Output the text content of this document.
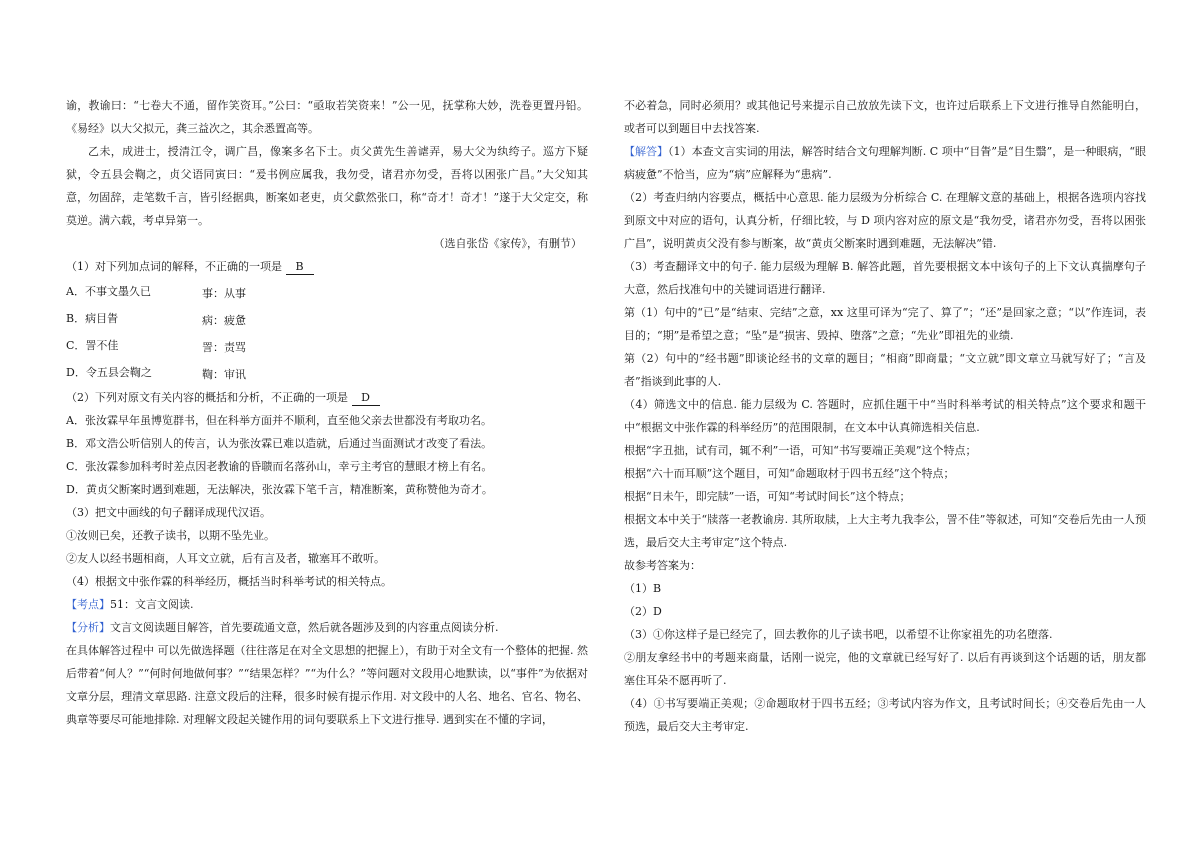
谕，教谕曰：“七卷大不通，留作笑资耳。”公曰：“亟取若笑资来！”公一见，抚掌称大妙，洗卷更置丹铅。《易经》以大父拟元，龚三益次之，其余悉置高等。

乙未，成进士，授清江令，调广昌，像案多名下士。贞父黄先生善谑弄，易大父为纨绔子。巡方下疑狱，令五县会鞫之，贞父语同寅曰：“爰书例应属我，我勿受，诸君亦勿受，吾将以困张广昌。”大父知其意，勿固辞，走笔数千言，皆引经据典，断案如老吏，贞父歔然张口，称“奇才！奇才！”遂于大父定交，称莫逆。满六载，考卓异第一。

（选自张岱《家传》，有删节）

（1）对下列加点词的解释，不正确的一项是 B

A．不事文墨久已	事：从事
B．病目眚	病：疲惫
C．詈不佳	詈：责骂
D．令五县会鞫之	鞫：审讯

（2）下列对原文有关内容的概括和分析，不正确的一项是 D

A．张汝霖早年虽博览群书，但在科举方面并不顺利，直至他父亲去世都没有考取功名。

B．邓文浩公听信别人的传言，认为张汝霖已难以造就，后通过当面测试才改变了看法。

C．张汝霖参加科考时差点因老教谕的昏聩而名落孙山，幸亏主考官的慧眼才榜上有名。

D．黄贞父断案时遇到难题，无法解决，张汝霖下笔千言，精准断案，黄称赞他为奇才。

（3）把文中画线的句子翻译成现代汉语。

①汝则已矣，还教子读书，以期不坠先业。

②友人以经书题相商，人耳文立就，后有言及者，辙塞耳不敢听。

（4）根据文中张作霖的科举经历，概括当时科举考试的相关特点。

【考点】51：文言文阅读.

【分析】文言文阅读题目解答，首先要疏通文意，然后就各题涉及到的内容重点阅读分析.

在具体解答过程中 可以先做选择题（往往落足在对全文思想的把握上），有助于对全文有一个整体的把握. 然后带着“何人？”“何时何地做何事？”“结果怎样？”“为什么？”等问题对文段用心地默读，以“事件”为依据对文章分层，理清文章思路. 注意文段后的注释，很多时候有提示作用. 对文段中的人名、地名、官名、物名、典章等要尽可能地排除. 对理解文段起关键作用的词句要联系上下文进行推导. 遇到实在不懂的字词，

不必着急，同时必须用？或其他记号来提示自己放放先读下文，也许过后联系上下文进行推导自然能明白，或者可以到题目中去找答案.

【解答】（1）本查文言实词的用法，解答时结合文句理解判断. C 项中“目眚”是“目生翳”，是一种眼病，“眼病疲惫”不恰当，应为“病”应解释为“患病”.

（2）考查归纳内容要点，概括中心意思. 能力层级为分析综合 C. 在理解文意的基础上，根据各选项内容找到原文中对应的语句，认真分析，仔细比较，与 D 项内容对应的原文是“我勿受，诸君亦勿受，吾将以困张广昌”，说明黄贞父没有参与断案，故“黄贞父断案时遇到难题，无法解决”错.

（3）考查翻译文中的句子. 能力层级为理解 B. 解答此题，首先要根据文本中该句子的上下文认真揣摩句子大意，然后找准句中的关键词语进行翻译.

第（1）句中的“已”是“结束、完结”之意，xx 这里可译为“完了、算了”；“还”是回家之意；“以”作连词，表目的；“期”是希望之意；“坠”是“损害、毁掉、堕落”之意；“先业”即祖先的业绩.

第（2）句中的“经书题”即谈论经书的文章的题目；“相商”即商量；“文立就”即文章立马就写好了；“言及者”指谈到此事的人.

（4）筛选文中的信息. 能力层级为 C. 答题时，应抓住题干中“当时科举考试的相关特点”这个要求和题干中“根据文中张作霖的科举经历”的范围限制，在文本中认真筛选相关信息.

根据“字丑拙，试有司，辄不利”一语，可知“书写要端正美观”这个特点；

根据“六十而耳顺”这个题目，可知“命题取材于四书五经”这个特点；

根据“日未午，即完牍”一语，可知“考试时间长”这个特点；

根据文本中关于“牍落一老教谕房. 其所取牍，上大主考九我李公，詈不佳”等叙述，可知“交卷后先由一人预选，最后交大主考审定”这个特点.

故参考答案为：

（1）B

（2）D

（3）①你这样子是已经完了，回去教你的儿子读书吧，以希望不让你家祖先的功名堕落.

②朋友拿经书中的考题来商量，话刚一说完，他的文章就已经写好了. 以后有再谈到这个话题的话，朋友都塞住耳朵不愿再听了.

（4）①书写要端正美观；②命题取材于四书五经；③考试内容为作文，且考试时间长；④交卷后先由一人预选，最后交大主考审定.
